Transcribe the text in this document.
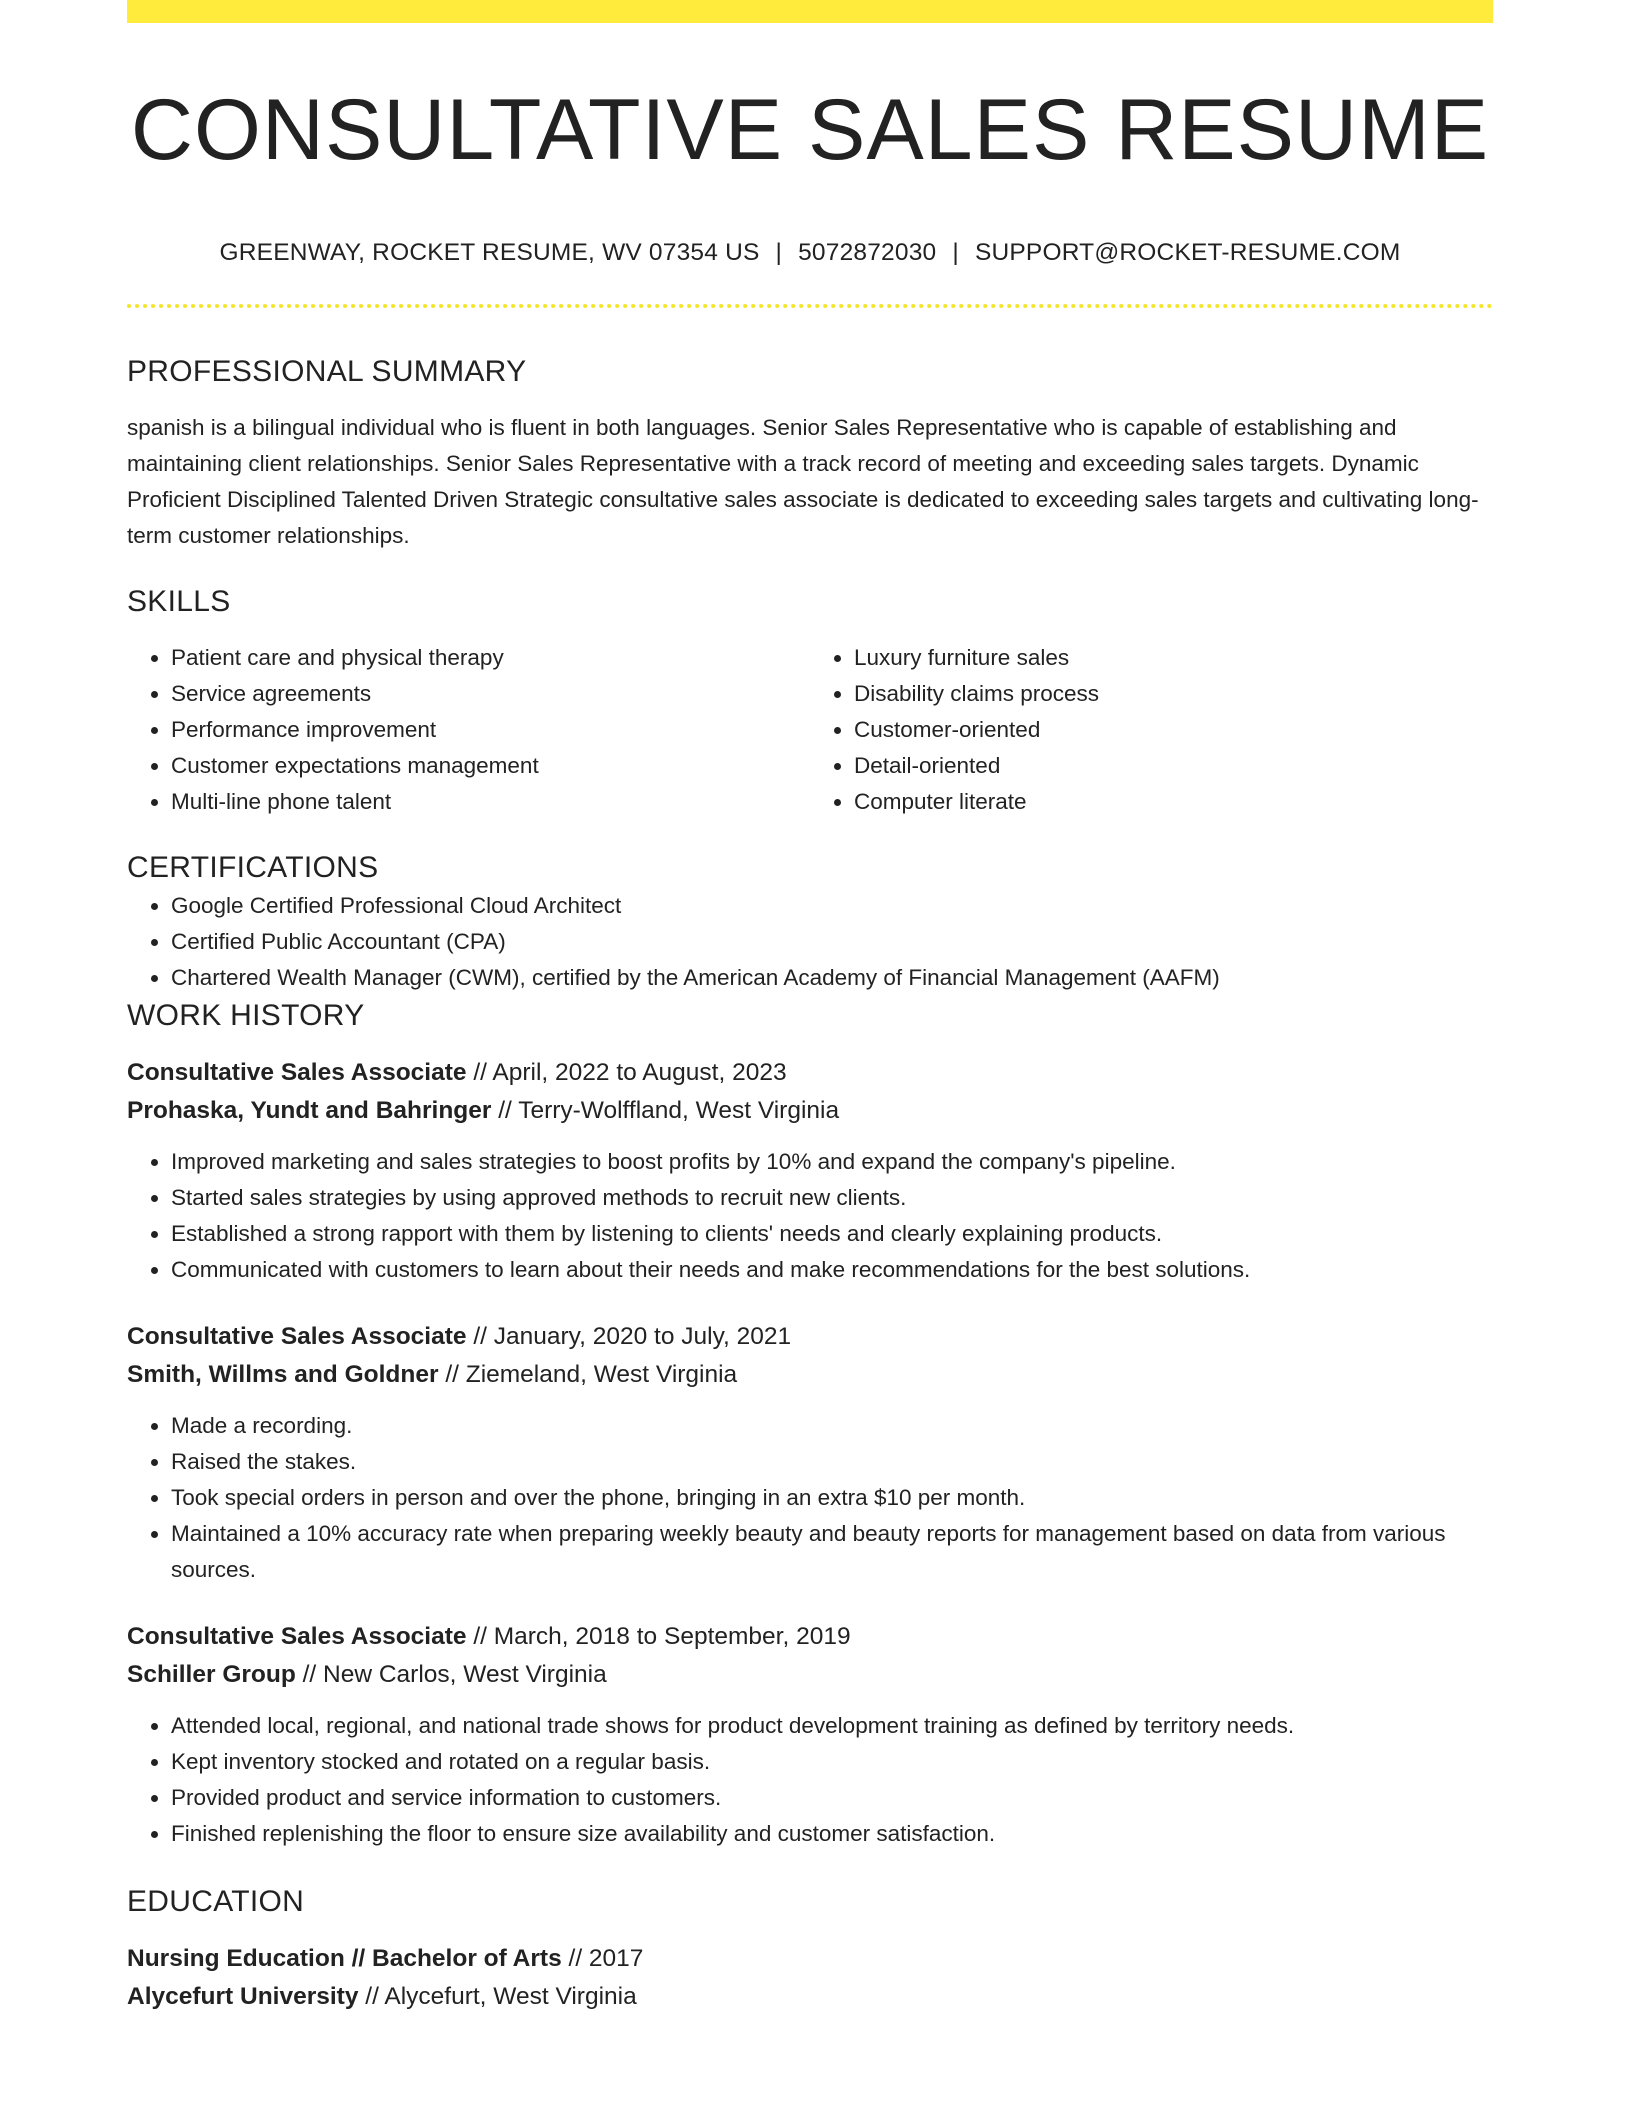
CONSULTATIVE SALES RESUME
GREENWAY, ROCKET RESUME, WV 07354 US | 5072872030 | SUPPORT@ROCKET-RESUME.COM
PROFESSIONAL SUMMARY

spanish is a bilingual individual who is fluent in both languages. Senior Sales Representative who is capable of establishing and maintaining client relationships. Senior Sales Representative with a track record of meeting and exceeding sales targets. Dynamic Proficient Disciplined Talented Driven Strategic consultative sales associate is dedicated to exceeding sales targets and cultivating long-term customer relationships.

SKILLS
• Patient care and physical therapy
• Service agreements
• Performance improvement
• Customer expectations management
• Multi-line phone talent
• Luxury furniture sales
• Disability claims process
• Customer-oriented
• Detail-oriented
• Computer literate
CERTIFICATIONS
• Google Certified Professional Cloud Architect
• Certified Public Accountant (CPA)
• Chartered Wealth Manager (CWM), certified by the American Academy of Financial Management (AAFM)
WORK HISTORY
Consultative Sales Associate // April, 2022 to August, 2023
Prohaska, Yundt and Bahringer // Terry-Wolffland, West Virginia
• Improved marketing and sales strategies to boost profits by 10% and expand the company's pipeline.
• Started sales strategies by using approved methods to recruit new clients.
• Established a strong rapport with them by listening to clients' needs and clearly explaining products.
• Communicated with customers to learn about their needs and make recommendations for the best solutions.
Consultative Sales Associate // January, 2020 to July, 2021
Smith, Willms and Goldner // Ziemeland, West Virginia
• Made a recording.
• Raised the stakes.
• Took special orders in person and over the phone, bringing in an extra $10 per month.
• Maintained a 10% accuracy rate when preparing weekly beauty and beauty reports for management based on data from various sources.
Consultative Sales Associate // March, 2018 to September, 2019
Schiller Group // New Carlos, West Virginia
• Attended local, regional, and national trade shows for product development training as defined by territory needs.
• Kept inventory stocked and rotated on a regular basis.
• Provided product and service information to customers.
• Finished replenishing the floor to ensure size availability and customer satisfaction.
EDUCATION
Nursing Education // Bachelor of Arts // 2017
Alycefurt University // Alycefurt, West Virginia
